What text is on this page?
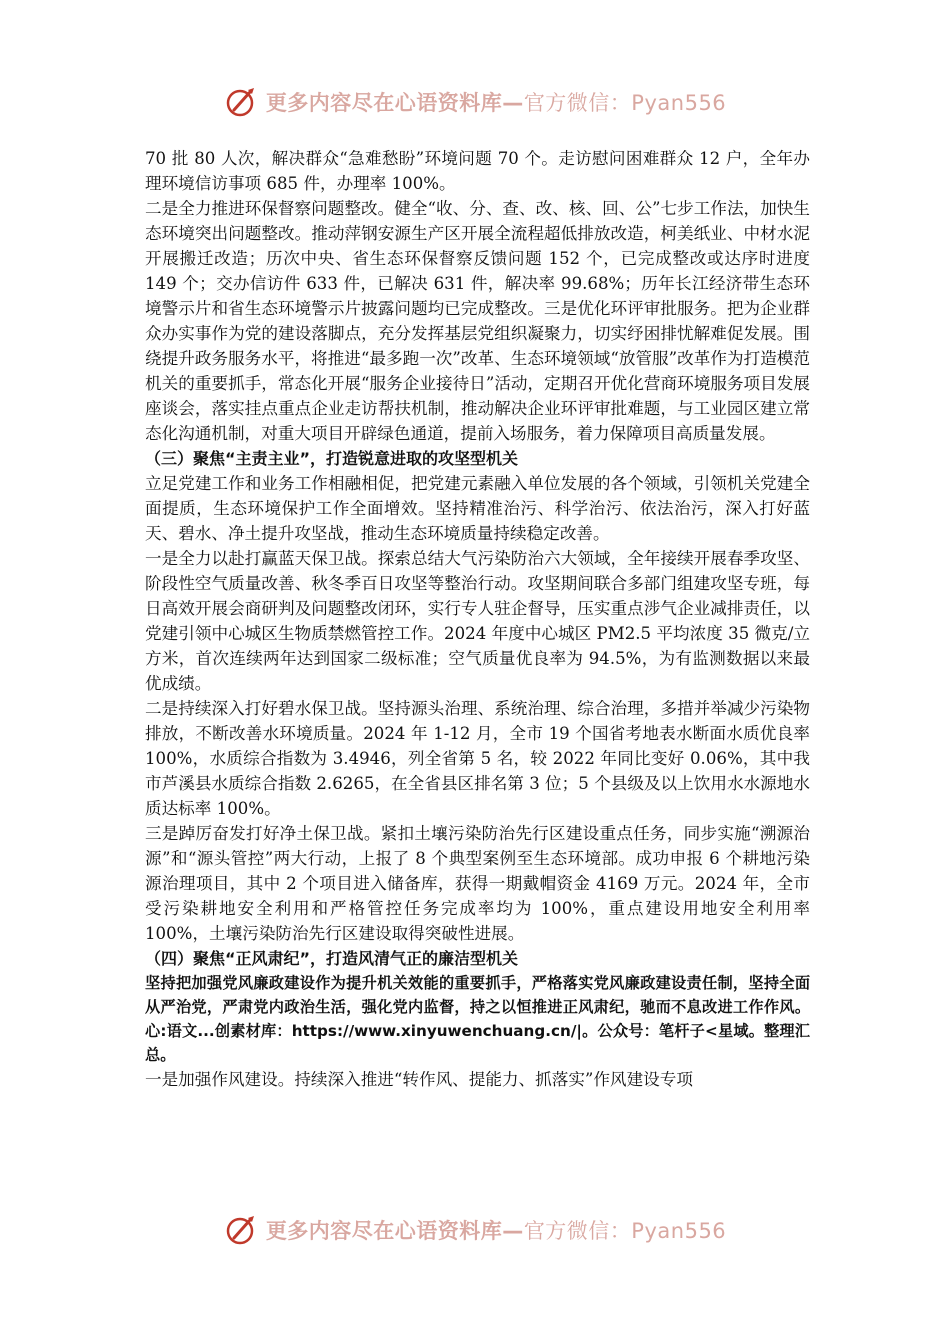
更多内容尽在心语资料库—官方微信：Pyan556

70 批 80 人次，解决群众“急难愁盼”环境问题 70 个。走访慰问困难群众 12 户，全年办理环境信访事项 685 件，办理率 100%。

二是全力推进环保督察问题整改。健全“收、分、查、改、核、回、公”七步工作法，加快生态环境突出问题整改。推动萍钢安源生产区开展全流程超低排放改造，柯美纸业、中材水泥开展搬迁改造；历次中央、省生态环保督察反馈问题 152 个，已完成整改或达序时进度 149 个；交办信访件 633 件，已解决 631 件，解决率 99.68%；历年长江经济带生态环境警示片和省生态环境警示片披露问题均已完成整改。三是优化环评审批服务。把为企业群众办实事作为党的建设落脚点，充分发挥基层党组织凝聚力，切实纾困排忧解难促发展。围绕提升政务服务水平，将推进“最多跑一次”改革、生态环境领域“放管服”改革作为打造模范机关的重要抓手，常态化开展“服务企业接待日”活动，定期召开优化营商环境服务项目发展座谈会，落实挂点重点企业走访帮扶机制，推动解决企业环评审批难题，与工业园区建立常态化沟通机制，对重大项目开辟绿色通道，提前入场服务，着力保障项目高质量发展。

（三）聚焦“主责主业”，打造锐意进取的攻坚型机关

立足党建工作和业务工作相融相促，把党建元素融入单位发展的各个领域，引领机关党建全面提质，生态环境保护工作全面增效。坚持精准治污、科学治污、依法治污，深入打好蓝天、碧水、净土提升攻坚战，推动生态环境质量持续稳定改善。

一是全力以赴打赢蓝天保卫战。探索总结大气污染防治六大领域，全年接续开展春季攻坚、阶段性空气质量改善、秋冬季百日攻坚等整治行动。攻坚期间联合多部门组建攻坚专班，每日高效开展会商研判及问题整改闭环，实行专人驻企督导，压实重点涉气企业减排责任，以党建引领中心城区生物质禁燃管控工作。2024 年度中心城区 PM2.5 平均浓度 35 微克/立方米，首次连续两年达到国家二级标准；空气质量优良率为 94.5%，为有监测数据以来最优成绩。

二是持续深入打好碧水保卫战。坚持源头治理、系统治理、综合治理，多措并举减少污染物排放，不断改善水环境质量。2024 年 1-12 月，全市 19 个国省考地表水断面水质优良率 100%，水质综合指数为 3.4946，列全省第 5 名，较 2022 年同比变好 0.06%，其中我市芦溪县水质综合指数 2.6265，在全省县区排名第 3 位；5 个县级及以上饮用水水源地水质达标率 100%。

三是踔厉奋发打好净土保卫战。紧扣土壤污染防治先行区建设重点任务，同步实施“溯源治源”和“源头管控”两大行动，上报了 8 个典型案例至生态环境部。成功申报 6 个耕地污染源治理项目，其中 2 个项目进入储备库，获得一期戴帽资金 4169 万元。2024 年，全市受污染耕地安全利用和严格管控任务完成率均为 100%，重点建设用地安全利用率 100%，土壤污染防治先行区建设取得突破性进展。

（四）聚焦“正风肃纪”，打造风清气正的廉洁型机关

坚持把加强党风廉政建设作为提升机关效能的重要抓手，严格落实党风廉政建设责任制，坚持全面从严治党，严肃党内政治生活，强化党内监督，持之以恒推进正风肃纪，驰而不息改进工作作风。心:语文...创素材库：https://www.xinyuwenchuang.cn/|。公众号：笔杆子<星域。整理汇总。

一是加强作风建设。持续深入推进“转作风、提能力、抓落实”作风建设专项

更多内容尽在心语资料库—官方微信：Pyan556
